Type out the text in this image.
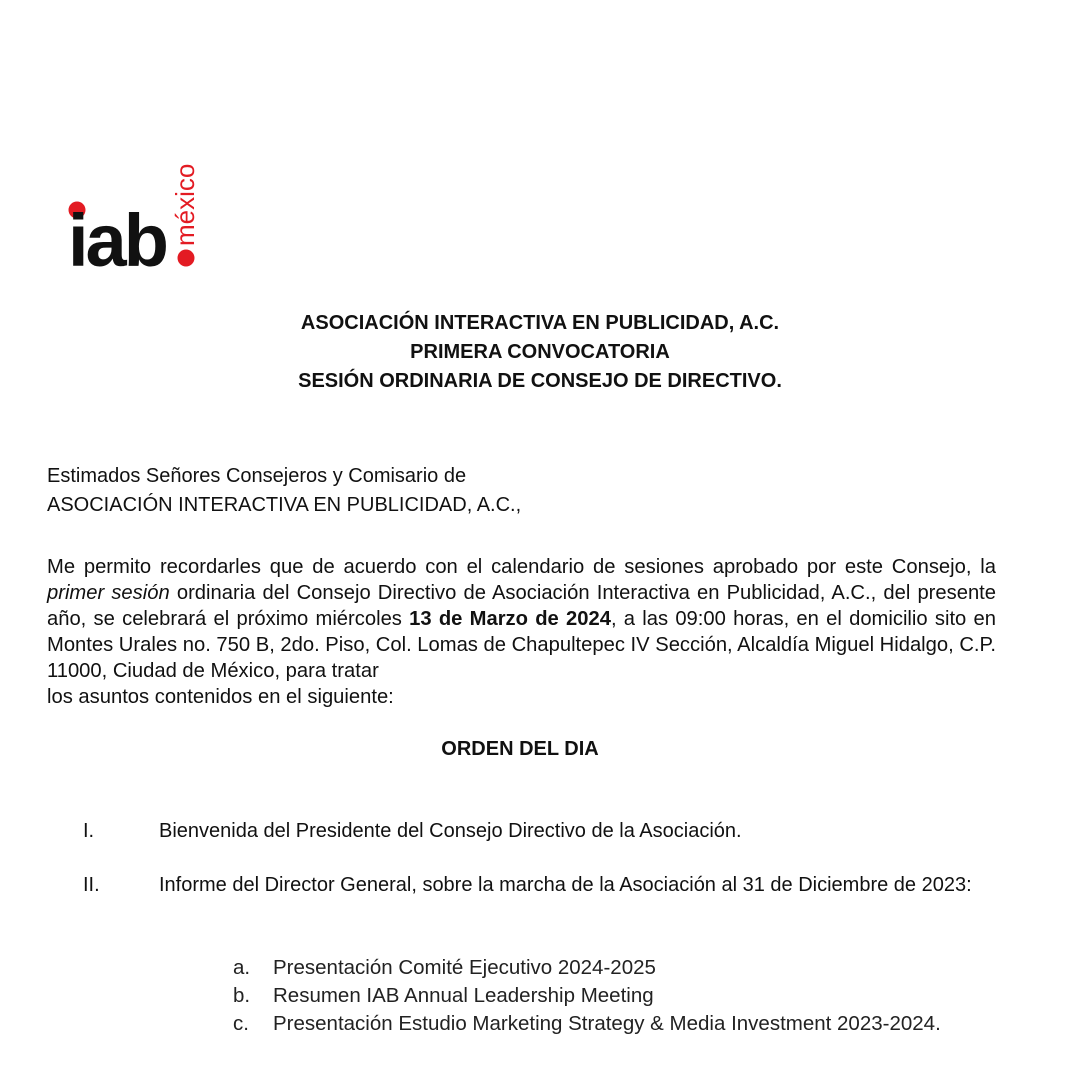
iab méxico
ASOCIACIÓN INTERACTIVA EN PUBLICIDAD, A.C.
PRIMERA CONVOCATORIA
SESIÓN ORDINARIA DE CONSEJO DE DIRECTIVO.
Estimados Señores Consejeros y Comisario de
ASOCIACIÓN INTERACTIVA EN PUBLICIDAD, A.C.,
Me permito recordarles que de acuerdo con el calendario de sesiones aprobado por este Consejo, la primer sesión ordinaria del Consejo Directivo de Asociación Interactiva en Publicidad, A.C., del presente año, se celebrará el próximo miércoles 13 de Marzo de 2024, a las 09:00 horas, en el domicilio sito en Montes Urales no. 750 B, 2do. Piso, Col. Lomas de Chapultepec IV Sección, Alcaldía Miguel Hidalgo, C.P. 11000, Ciudad de México, para tratar
los asuntos contenidos en el siguiente:
ORDEN DEL DIA
I.	Bienvenida del Presidente del Consejo Directivo de la Asociación.
II.	Informe del Director General, sobre la marcha de la Asociación al 31 de Diciembre de 2023:
a. Presentación Comité Ejecutivo 2024-2025
b. Resumen IAB Annual Leadership Meeting
c. Presentación Estudio Marketing Strategy & Media Investment 2023-2024.
